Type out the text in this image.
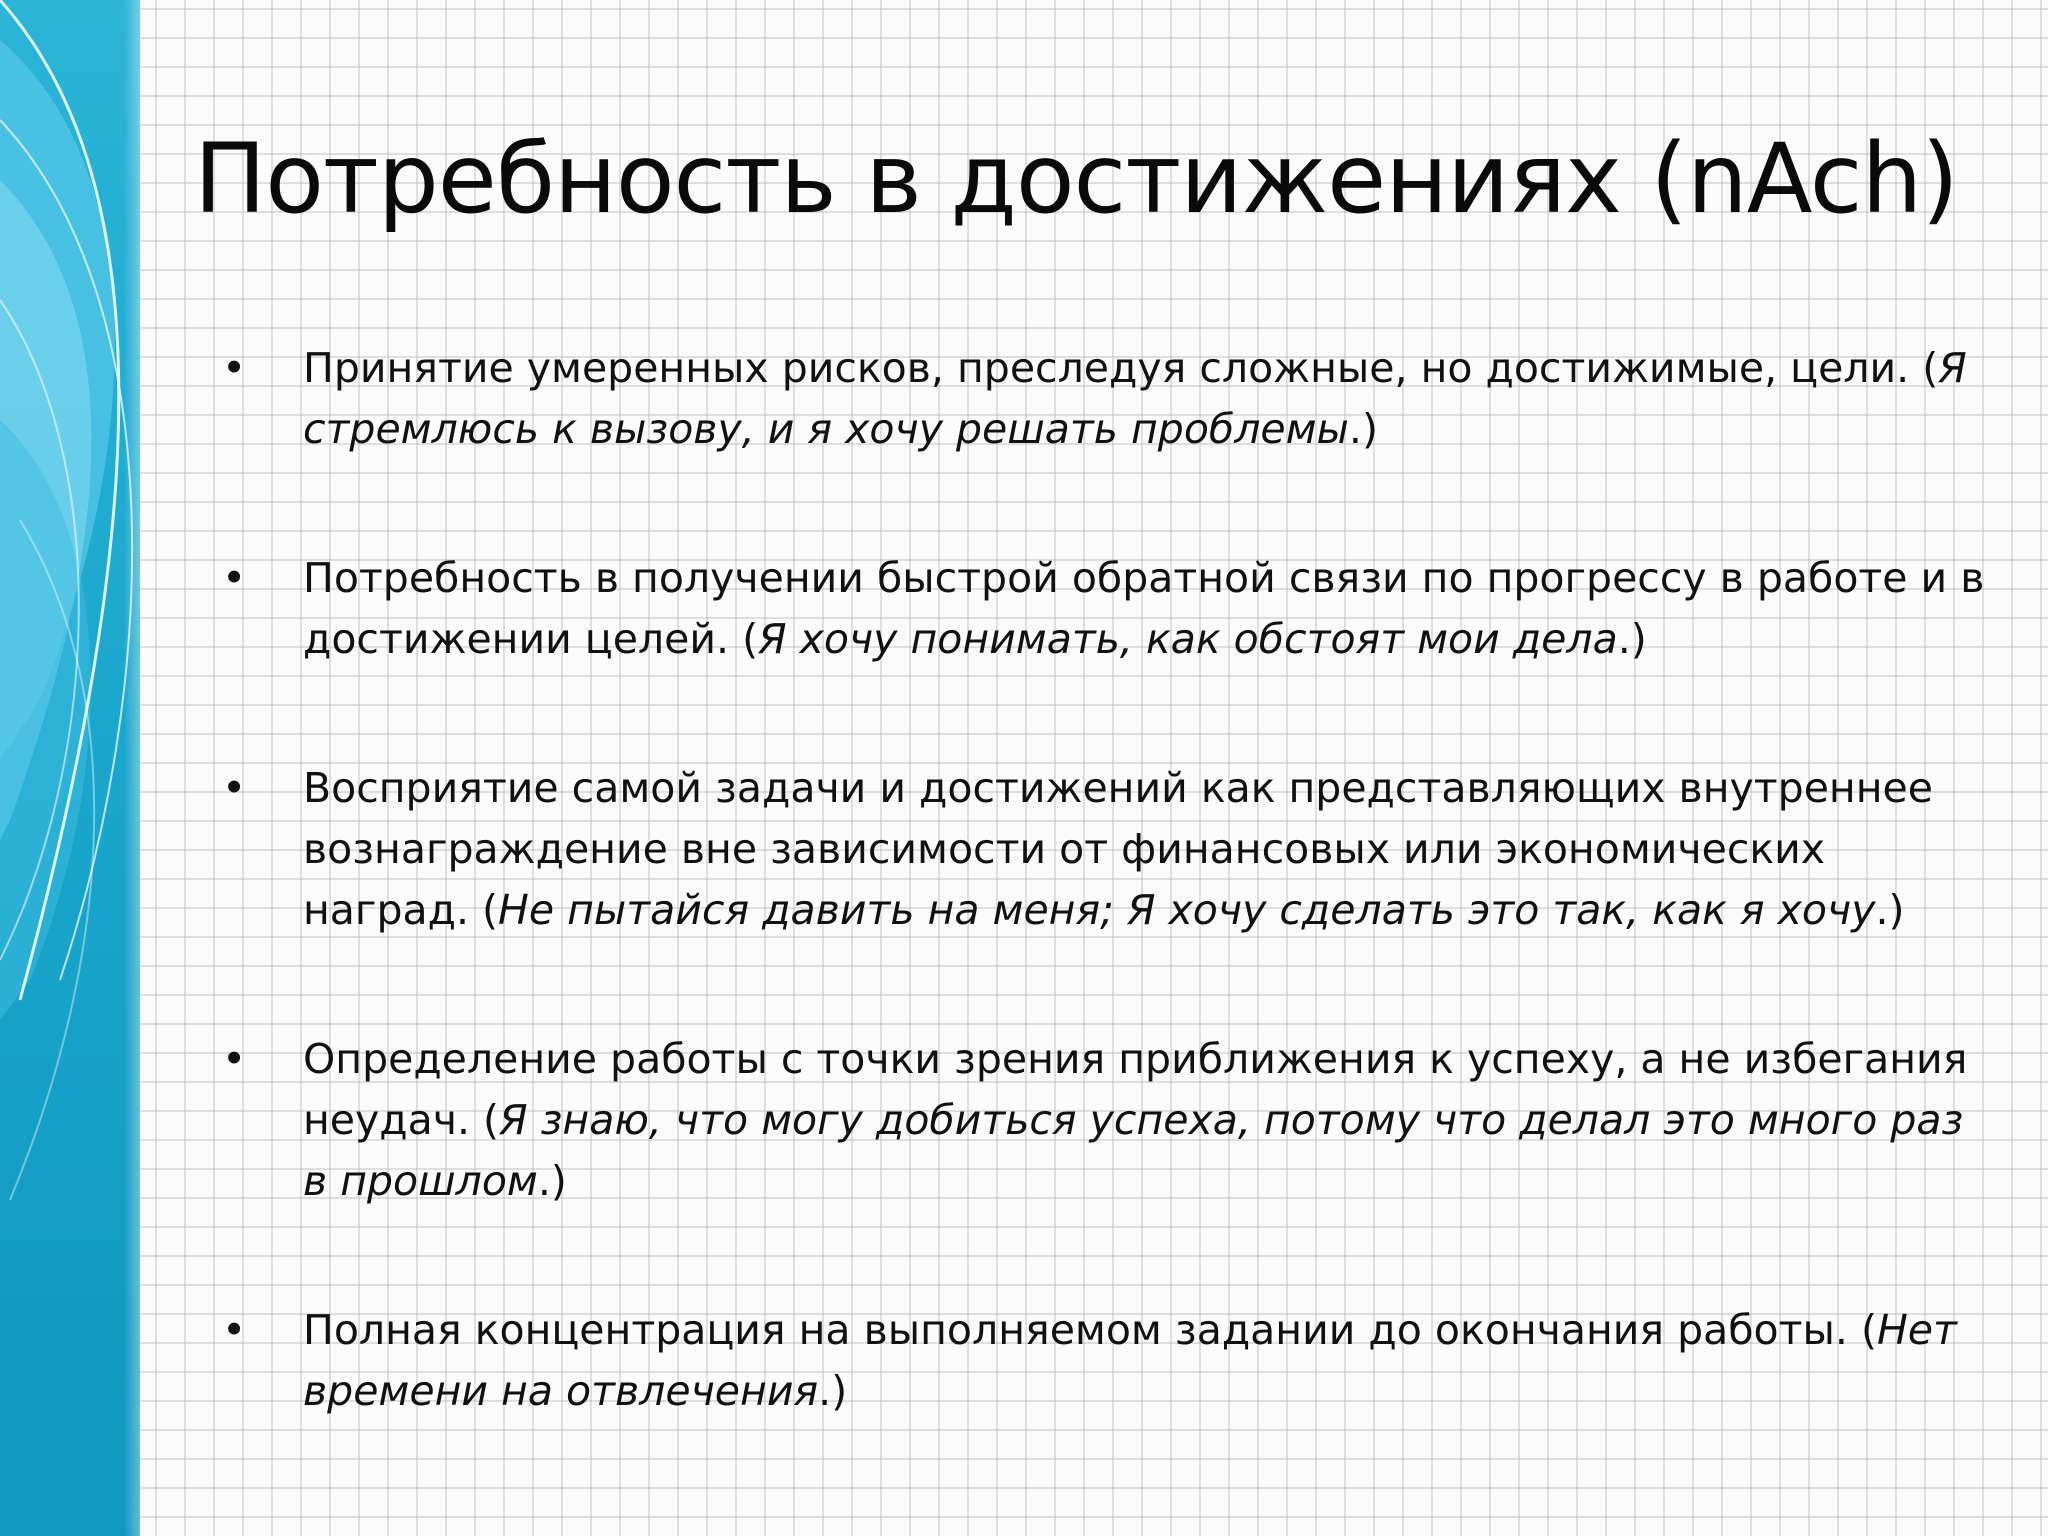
Потребность в достижениях (nAch)
• Принятие умеренных рисков, преследуя сложные, но достижимые, цели. (Я стремлюсь к вызову, и я хочу решать проблемы.)
• Потребность в получении быстрой обратной связи по прогрессу в работе и в достижении целей. (Я хочу понимать, как обстоят мои дела.)
• Восприятие самой задачи и достижений как представляющих внутреннее вознаграждение вне зависимости от финансовых или экономических наград. (Не пытайся давить на меня; Я хочу сделать это так, как я хочу.)
• Определение работы с точки зрения приближения к успеху, а не избегания неудач. (Я знаю, что могу добиться успеха, потому что делал это много раз в прошлом.)
• Полная концентрация на выполняемом задании до окончания работы. (Нет времени на отвлечения.)
